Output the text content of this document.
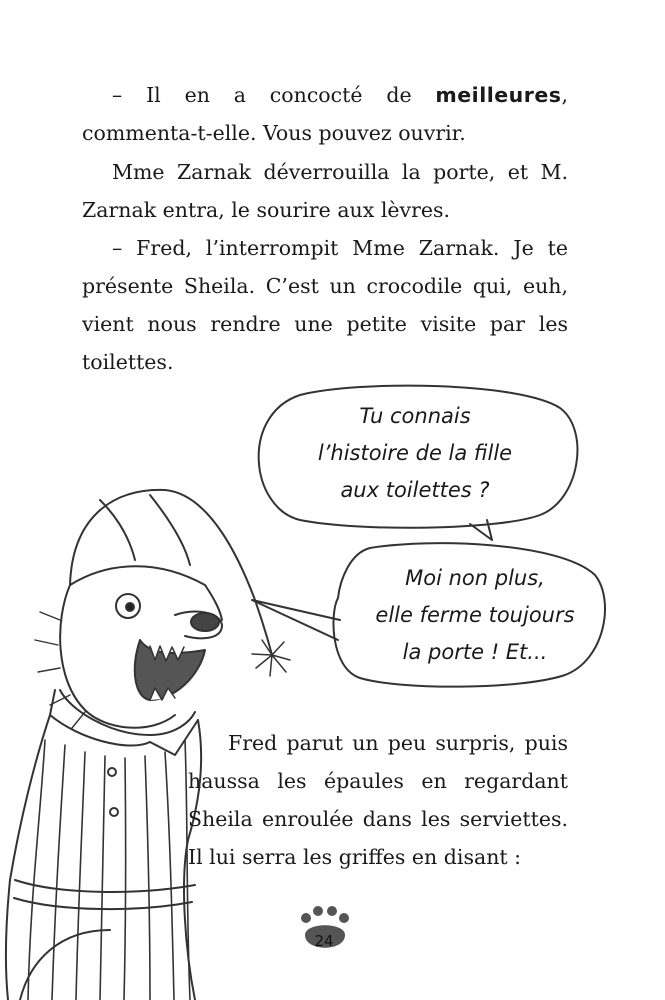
– Il en a concocté de meilleures, commenta-t-elle. Vous pouvez ouvrir.

Mme Zarnak déverrouilla la porte, et M. Zarnak entra, le sourire aux lèvres.

– Fred, l’interrompit Mme Zarnak. Je te présente Sheila. C’est un crocodile qui, euh, vient nous rendre une petite visite par les toilettes.

Tu connais
l’histoire de la fille
aux toilettes ?
Moi non plus,
elle ferme toujours
la porte ! Et...

Fred parut un peu surpris, puis haussa les épaules en regardant Sheila enroulée dans les serviettes. Il lui serra les griffes en disant :

24
